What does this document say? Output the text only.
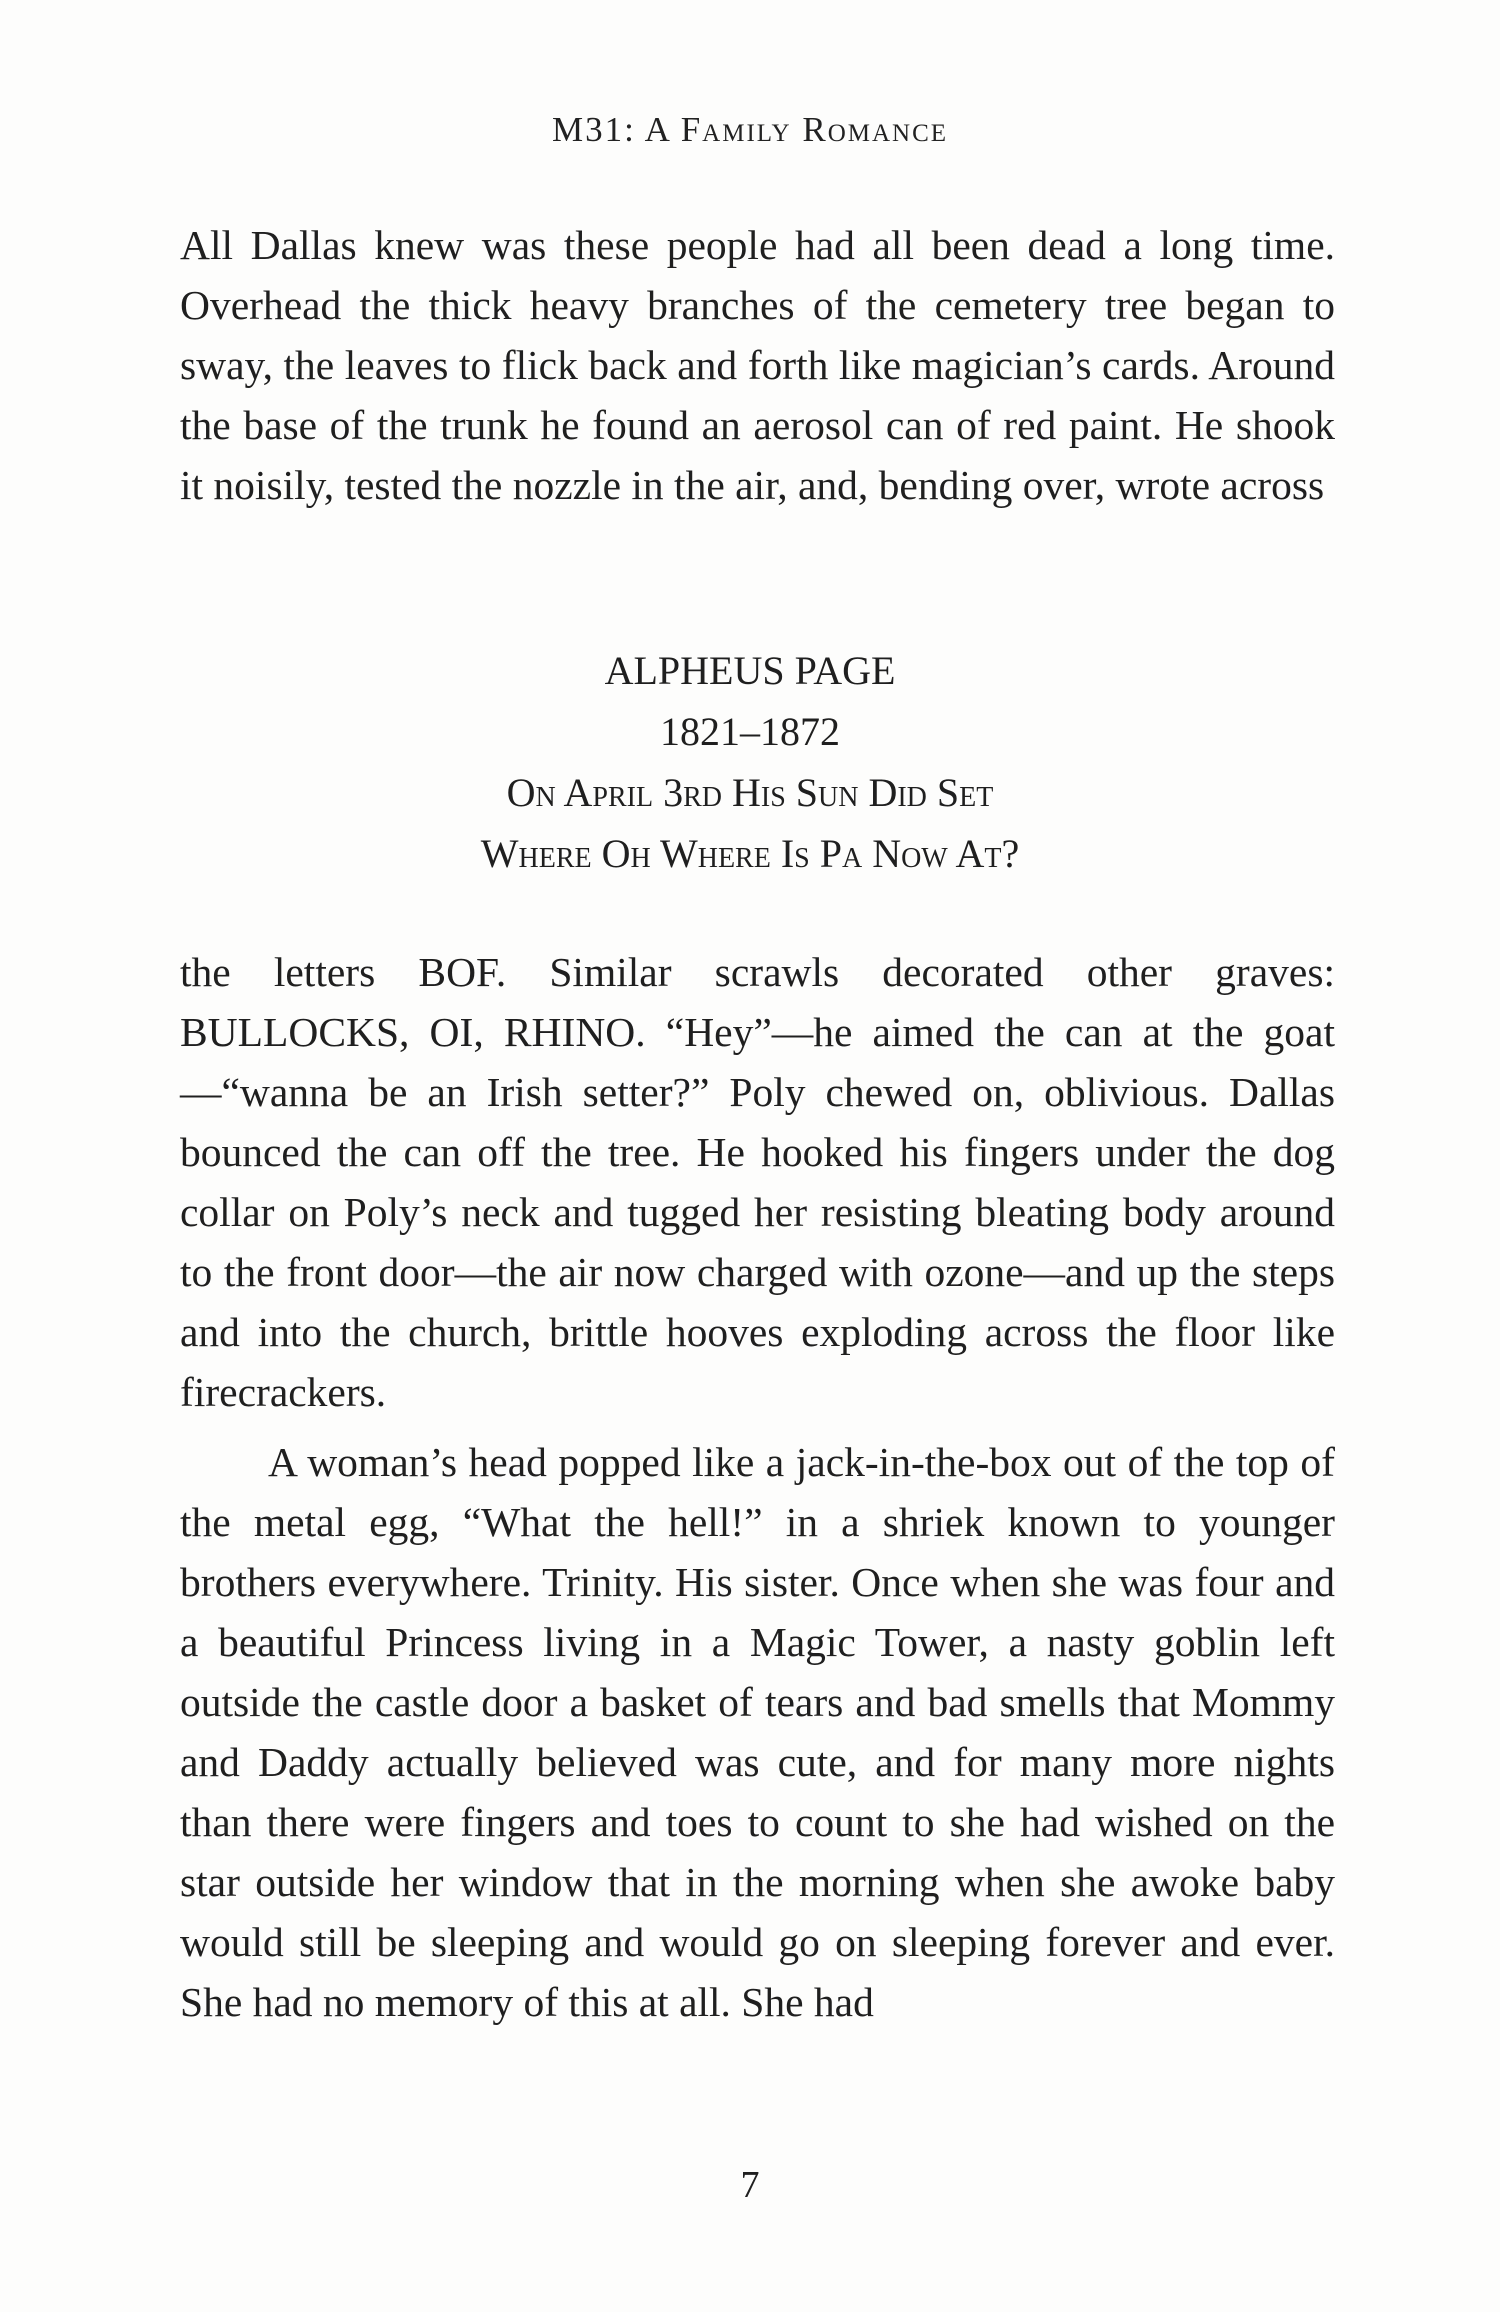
M31: A Family Romance

All Dallas knew was these people had all been dead a long time. Overhead the thick heavy branches of the cemetery tree began to sway, the leaves to flick back and forth like magician’s cards. Around the base of the trunk he found an aerosol can of red paint. He shook it noisily, tested the nozzle in the air, and, bending over, wrote across

ALPHEUS PAGE
1821–1872
On April 3rd His Sun Did Set
Where Oh Where Is Pa Now At?

the letters BOF. Similar scrawls decorated other graves: BULLOCKS, OI, RHINO. “Hey”—he aimed the can at the goat—“wanna be an Irish setter?” Poly chewed on, oblivious. Dallas bounced the can off the tree. He hooked his fingers under the dog collar on Poly’s neck and tugged her resisting bleating body around to the front door—the air now charged with ozone—and up the steps and into the church, brittle hooves exploding across the floor like firecrackers.

A woman’s head popped like a jack-in-the-box out of the top of the metal egg, “What the hell!” in a shriek known to younger brothers everywhere. Trinity. His sister. Once when she was four and a beautiful Princess living in a Magic Tower, a nasty goblin left outside the castle door a basket of tears and bad smells that Mommy and Daddy actually believed was cute, and for many more nights than there were fingers and toes to count to she had wished on the star outside her window that in the morning when she awoke baby would still be sleeping and would go on sleeping forever and ever. She had no memory of this at all. She had

7
